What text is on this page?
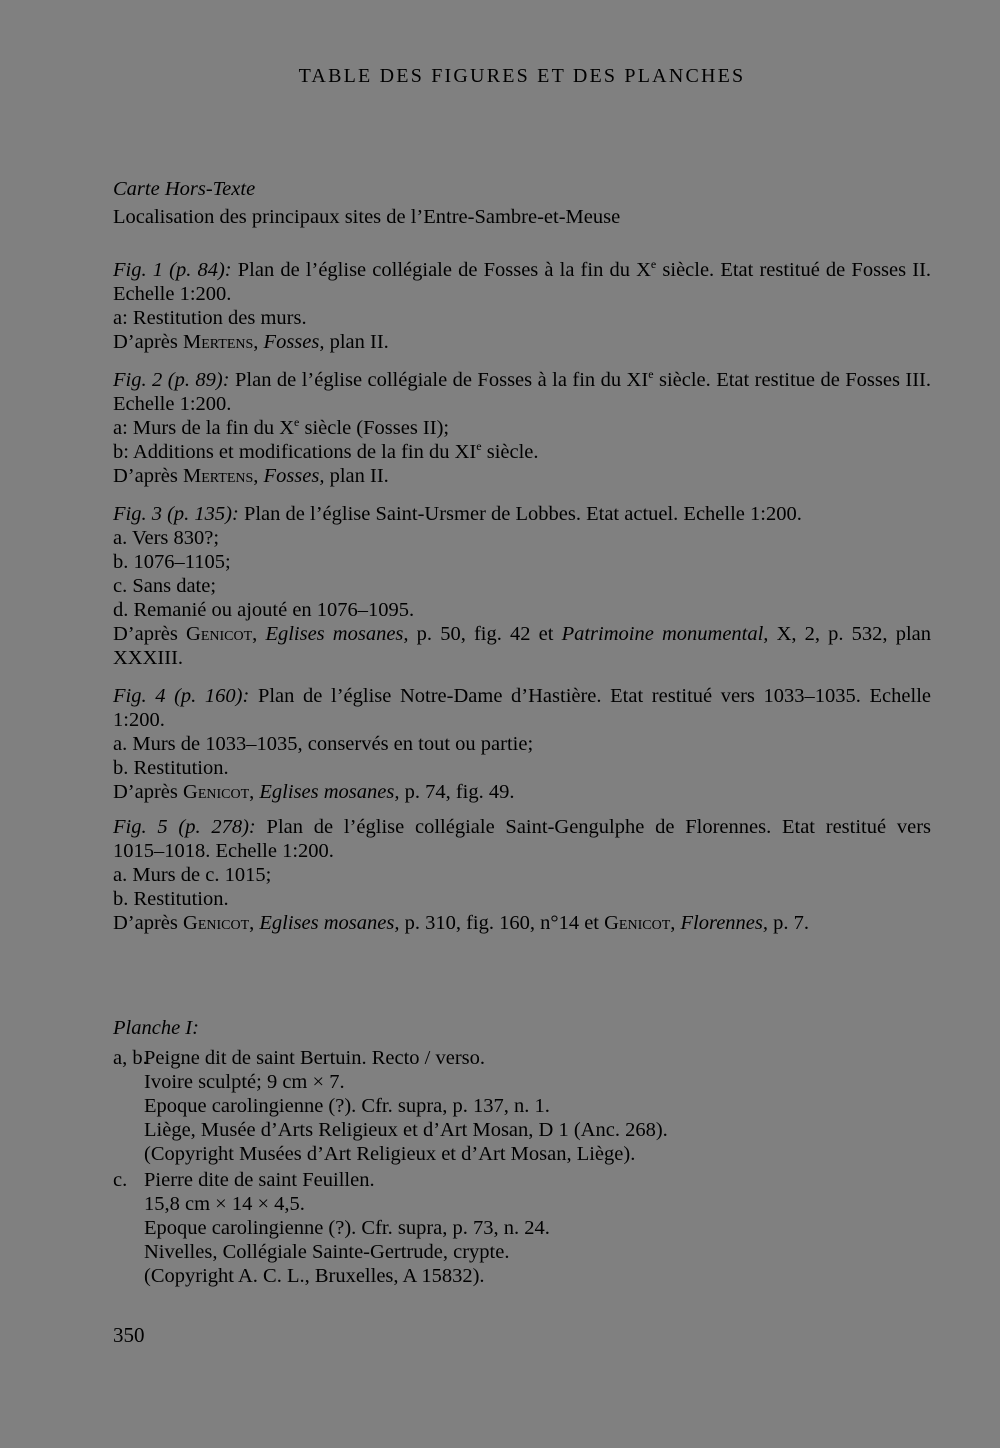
TABLE DES FIGURES ET DES PLANCHES
Carte Hors-Texte
Localisation des principaux sites de l’Entre-Sambre-et-Meuse
Fig. 1 (p. 84): Plan de l’église collégiale de Fosses à la fin du Xe siècle. Etat restitué de Fosses II.
Echelle 1:200.
a: Restitution des murs.
D’après Mertens, Fosses, plan II.
Fig. 2 (p. 89): Plan de l’église collégiale de Fosses à la fin du XIe siècle. Etat restitue de Fosses III.
Echelle 1:200.
a: Murs de la fin du Xe siècle (Fosses II);
b: Additions et modifications de la fin du XIe siècle.
D’après Mertens, Fosses, plan II.
Fig. 3 (p. 135): Plan de l’église Saint-Ursmer de Lobbes. Etat actuel. Echelle 1:200.
a. Vers 830?;
b. 1076–1105;
c. Sans date;
d. Remanié ou ajouté en 1076–1095.
D’après Genicot, Eglises mosanes, p. 50, fig. 42 et Patrimoine monumental, X, 2, p. 532, plan
XXXIII.
Fig. 4 (p. 160): Plan de l’église Notre-Dame d’Hastière. Etat restitué vers 1033–1035. Echelle
1:200.
a. Murs de 1033–1035, conservés en tout ou partie;
b. Restitution.
D’après Genicot, Eglises mosanes, p. 74, fig. 49.
Fig. 5 (p. 278): Plan de l’église collégiale Saint-Gengulphe de Florennes. Etat restitué vers
1015–1018. Echelle 1:200.
a. Murs de c. 1015;
b. Restitution.
D’après Genicot, Eglises mosanes, p. 310, fig. 160, n°14 et Genicot, Florennes, p. 7.
Planche I:
a, b.Peigne dit de saint Bertuin. Recto / verso.
Ivoire sculpté; 9 cm × 7.
Epoque carolingienne (?). Cfr. supra, p. 137, n. 1.
Liège, Musée d’Arts Religieux et d’Art Mosan, D 1 (Anc. 268).
(Copyright Musées d’Art Religieux et d’Art Mosan, Liège).
c. Pierre dite de saint Feuillen.
15,8 cm × 14 × 4,5.
Epoque carolingienne (?). Cfr. supra, p. 73, n. 24.
Nivelles, Collégiale Sainte-Gertrude, crypte.
(Copyright A. C. L., Bruxelles, A 15832).
350
